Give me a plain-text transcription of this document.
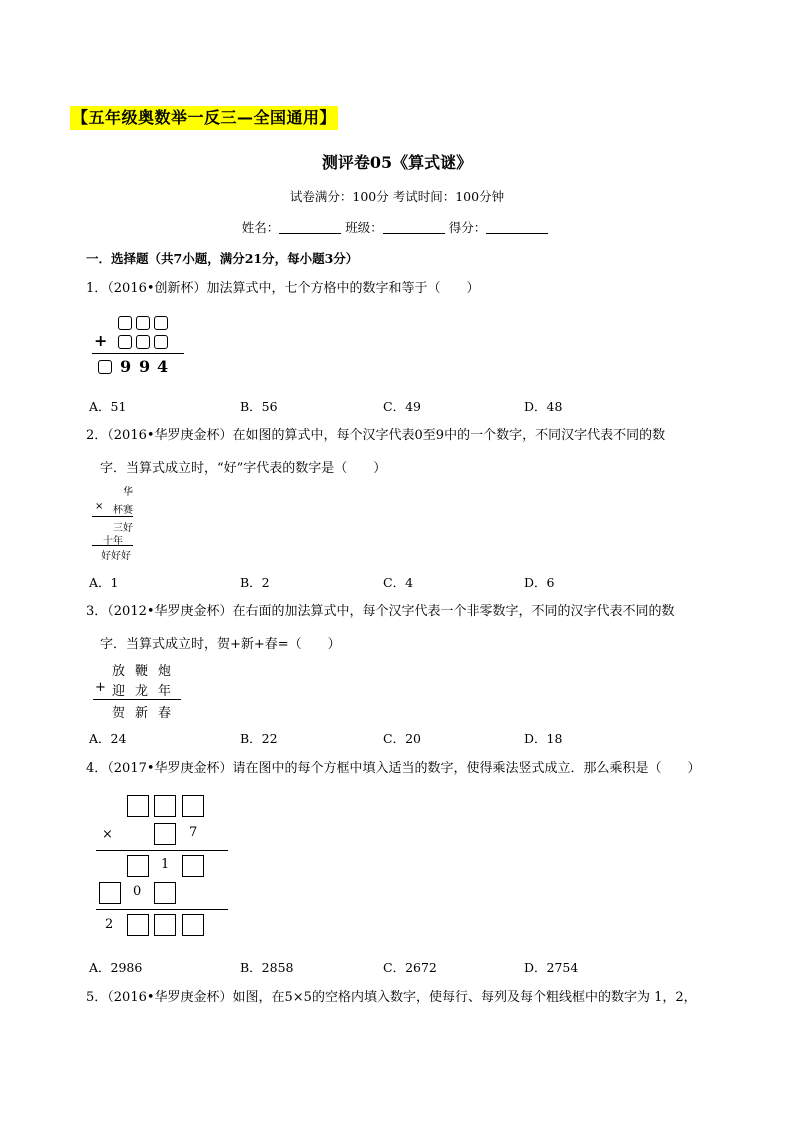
【五年级奥数举一反三—全国通用】
测评卷05《算式谜》
试卷满分：100分 考试时间：100分钟
姓名：	班级：	得分：
一．选择题（共7小题，满分21分，每小题3分）
1．（2016•创新杯）加法算式中，七个方格中的数字和等于（　　）
+
9 9 4
A．51	B．56	C．49	D．48
2．（2016•华罗庚金杯）在如图的算式中，每个汉字代表0至9中的一个数字，不同汉字代表不同的数
字．当算式成立时，“好”字代表的数字是（　　）
华
× 杯赛
三好
十年
好好好
A．1	B．2	C．4	D．6
3．（2012•华罗庚金杯）在右面的加法算式中，每个汉字代表一个非零数字，不同的汉字代表不同的数
字．当算式成立时，贺+新+春=（　　）
放 鞭 炮
+ 迎 龙 年
贺 新 春
A．24	B．22	C．20	D．18
4．（2017•华罗庚金杯）请在图中的每个方框中填入适当的数字，使得乘法竖式成立．那么乘积是（　　）
×	7
1
0
2
A．2986	B．2858	C．2672	D．2754
5．（2016•华罗庚金杯）如图，在5×5的空格内填入数字，使每行、每列及每个粗线框中的数字为 1，2，
